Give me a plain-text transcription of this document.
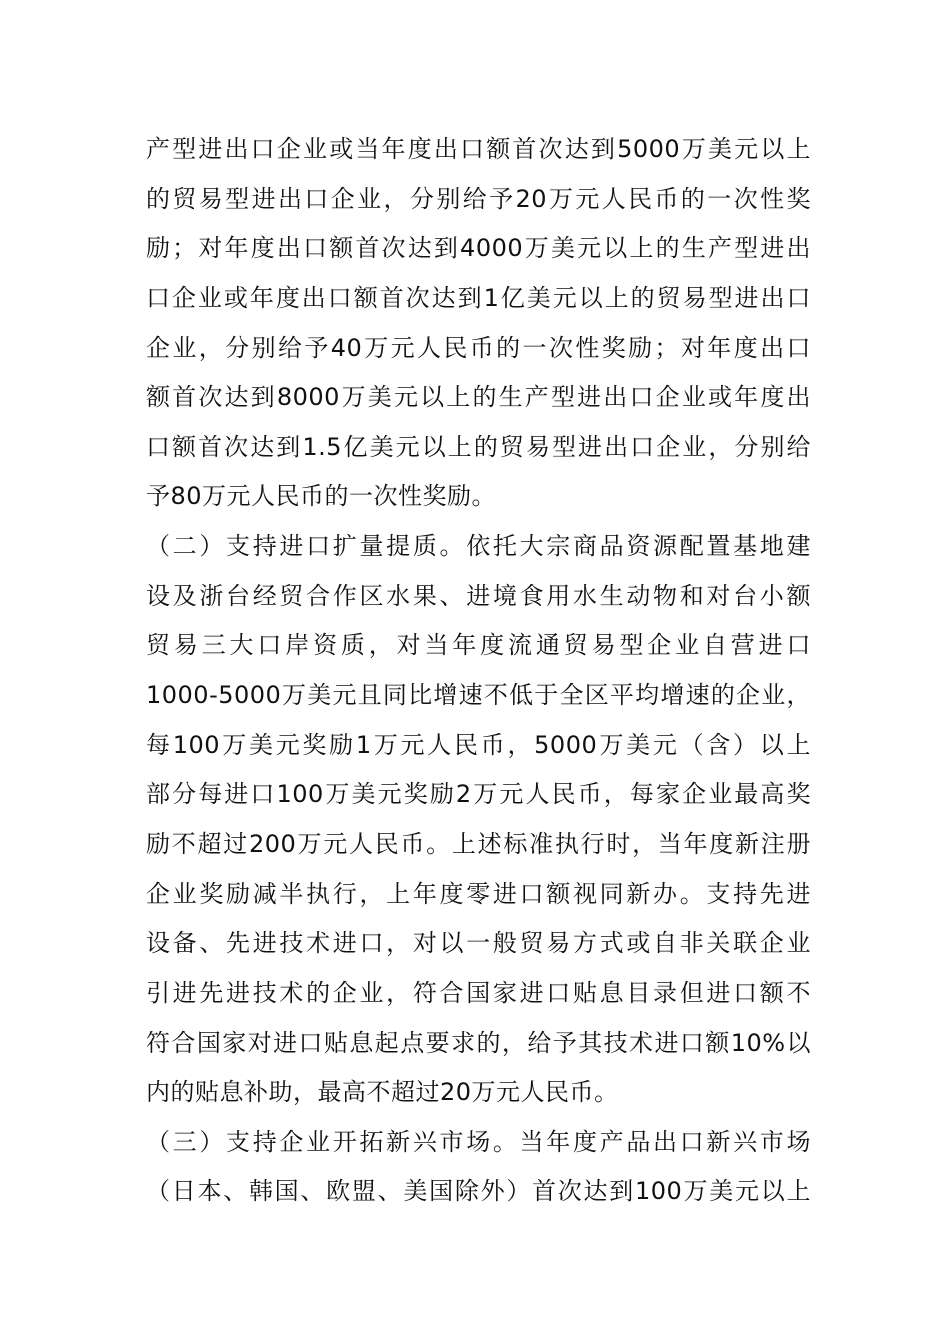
产型进出口企业或当年度出口额首次达到5000万美元以上
的贸易型进出口企业，分别给予20万元人民币的一次性奖
励；对年度出口额首次达到4000万美元以上的生产型进出
口企业或年度出口额首次达到1亿美元以上的贸易型进出口
企业，分别给予40万元人民币的一次性奖励；对年度出口
额首次达到8000万美元以上的生产型进出口企业或年度出
口额首次达到1.5亿美元以上的贸易型进出口企业，分别给
予80万元人民币的一次性奖励。
（二）支持进口扩量提质。依托大宗商品资源配置基地建
设及浙台经贸合作区水果、进境食用水生动物和对台小额
贸易三大口岸资质，对当年度流通贸易型企业自营进口
1000-5000万美元且同比增速不低于全区平均增速的企业，
每100万美元奖励1万元人民币，5000万美元（含）以上
部分每进口100万美元奖励2万元人民币，每家企业最高奖
励不超过200万元人民币。上述标准执行时，当年度新注册
企业奖励减半执行，上年度零进口额视同新办。支持先进
设备、先进技术进口，对以一般贸易方式或自非关联企业
引进先进技术的企业，符合国家进口贴息目录但进口额不
符合国家对进口贴息起点要求的，给予其技术进口额10%以
内的贴息补助，最高不超过20万元人民币。
（三）支持企业开拓新兴市场。当年度产品出口新兴市场
（日本、韩国、欧盟、美国除外）首次达到100万美元以上
